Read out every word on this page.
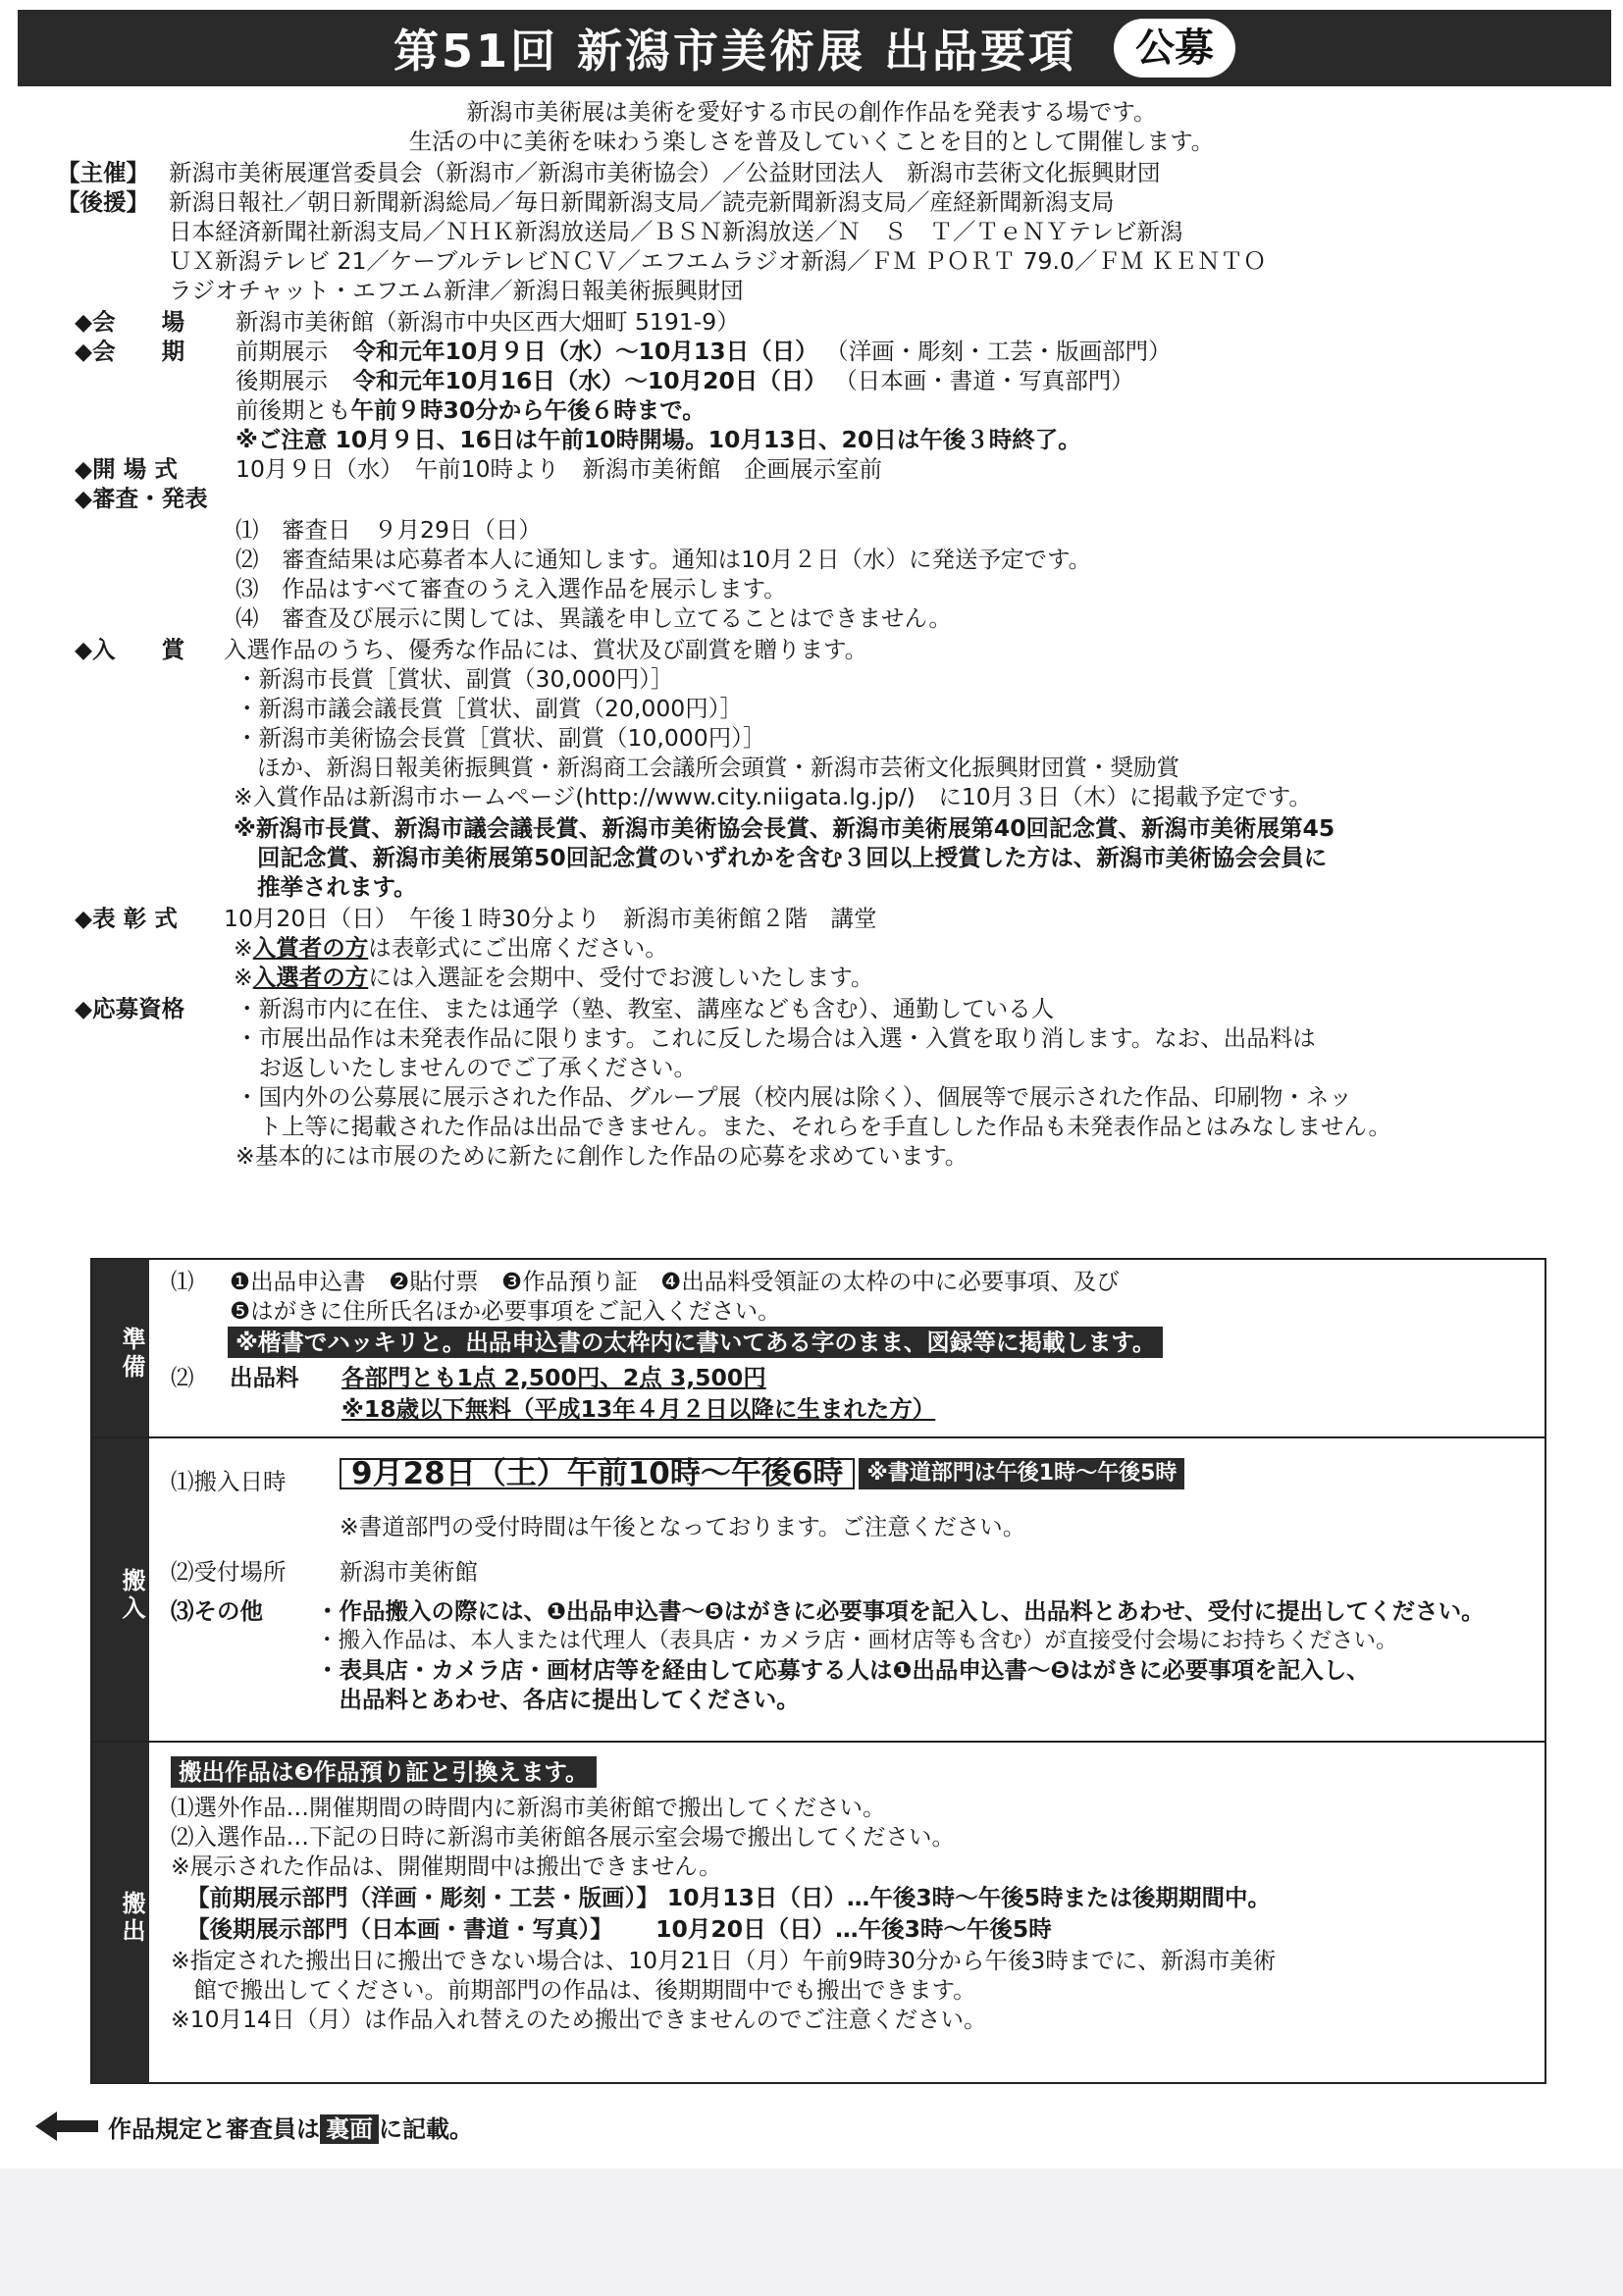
第51回 新潟市美術展 出品要項	公募
新潟市美術展は美術を愛好する市民の創作作品を発表する場です。
生活の中に美術を味わう楽しさを普及していくことを目的として開催します。
【主催】 新潟市美術展運営委員会（新潟市／新潟市美術協会）／公益財団法人　新潟市芸術文化振興財団
【後援】 新潟日報社／朝日新聞新潟総局／毎日新聞新潟支局／読売新聞新潟支局／産経新聞新潟支局
日本経済新聞社新潟支局／ＮＨＫ新潟放送局／ＢＳＮ新潟放送／Ｎ　Ｓ　Ｔ／ＴｅＮＹテレビ新潟
ＵＸ新潟テレビ 21／ケーブルテレビＮＣＶ／エフエムラジオ新潟／ＦＭ ＰＯＲＴ 79.0／ＦＭ ＫＥＮＴＯ
ラジオチャット・エフエム新津／新潟日報美術振興財団
◆会　　場 新潟市美術館（新潟市中央区西大畑町 5191-9）
◆会　　期 前期展示 令和元年10月９日（水）～10月13日（日） （洋画・彫刻・工芸・版画部門）
後期展示 令和元年10月16日（水）～10月20日（日） （日本画・書道・写真部門）
前後期とも午前９時30分から午後６時まで。
※ご注意 10月９日、16日は午前10時開場。10月13日、20日は午後３時終了。
◆開 場 式	10月９日（水）　午前10時より　新潟市美術館　企画展示室前
◆審査・発表
⑴　審査日　９月29日（日）
⑵　審査結果は応募者本人に通知します。通知は10月２日（水）に発送予定です。
⑶　作品はすべて審査のうえ入選作品を展示します。
⑷　審査及び展示に関しては、異議を申し立てることはできません。
◆入　　賞 入選作品のうち、優秀な作品には、賞状及び副賞を贈ります。
・新潟市長賞［賞状、副賞（30,000円）］
・新潟市議会議長賞［賞状、副賞（20,000円）］
・新潟市美術協会長賞［賞状、副賞（10,000円）］
ほか、新潟日報美術振興賞・新潟商工会議所会頭賞・新潟市芸術文化振興財団賞・奨励賞
※入賞作品は新潟市ホームページ(http://www.city.niigata.lg.jp/)　に10月３日（木）に掲載予定です。
※新潟市長賞、新潟市議会議長賞、新潟市美術協会長賞、新潟市美術展第40回記念賞、新潟市美術展第45
回記念賞、新潟市美術展第50回記念賞のいずれかを含む３回以上授賞した方は、新潟市美術協会会員に
推挙されます。
◆表 彰 式 10月20日（日）　午後１時30分より　新潟市美術館２階　講堂
※入賞者の方は表彰式にご出席ください。
※入選者の方には入選証を会期中、受付でお渡しいたします。
◆応募資格 ・新潟市内に在住、または通学（塾、教室、講座なども含む）、通勤している人
・市展出品作は未発表作品に限ります。これに反した場合は入選・入賞を取り消します。なお、出品料は
　お返しいたしませんのでご了承ください。
・国内外の公募展に展示された作品、グループ展（校内展は除く）、個展等で展示された作品、印刷物・ネッ
　ト上等に掲載された作品は出品できません。また、それらを手直しした作品も未発表作品とはみなしません。
※基本的には市展のために新たに創作した作品の応募を求めています。
準備
⑴ ❶出品申込書　❷貼付票　❸作品預り証　❹出品料受領証の太枠の中に必要事項、及び
❺はがきに住所氏名ほか必要事項をご記入ください。
※楷書でハッキリと。出品申込書の太枠内に書いてある字のまま、図録等に掲載します。
⑵ 出品料 各部門とも1点 2,500円、2点 3,500円
※18歳以下無料（平成13年４月２日以降に生まれた方）
搬入
⑴搬入日時	9月28日（土）午前10時～午後6時	※書道部門は午後1時～午後5時
※書道部門の受付時間は午後となっております。ご注意ください。
⑵受付場所 新潟市美術館
⑶その他 ・作品搬入の際には、❶出品申込書～❺はがきに必要事項を記入し、出品料とあわせ、受付に提出してください。
・搬入作品は、本人または代理人（表具店・カメラ店・画材店等も含む）が直接受付会場にお持ちください。
・表具店・カメラ店・画材店等を経由して応募する人は❶出品申込書～❺はがきに必要事項を記入し、
　出品料とあわせ、各店に提出してください。
搬出
搬出作品は❸作品預り証と引換えます。
⑴選外作品…開催期間の時間内に新潟市美術館で搬出してください。
⑵入選作品…下記の日時に新潟市美術館各展示室会場で搬出してください。
※展示された作品は、開催期間中は搬出できません。
【前期展示部門（洋画・彫刻・工芸・版画）】 10月13日（日）…午後3時～午後5時または後期期間中。
【後期展示部門（日本画・書道・写真）】　　 10月20日（日）…午後3時～午後5時
※指定された搬出日に搬出できない場合は、10月21日（月）午前9時30分から午後3時までに、新潟市美術
　館で搬出してください。前期部門の作品は、後期期間中でも搬出できます。
※10月14日（月）は作品入れ替えのため搬出できませんのでご注意ください。
作品規定と審査員は 裏面 に記載。
